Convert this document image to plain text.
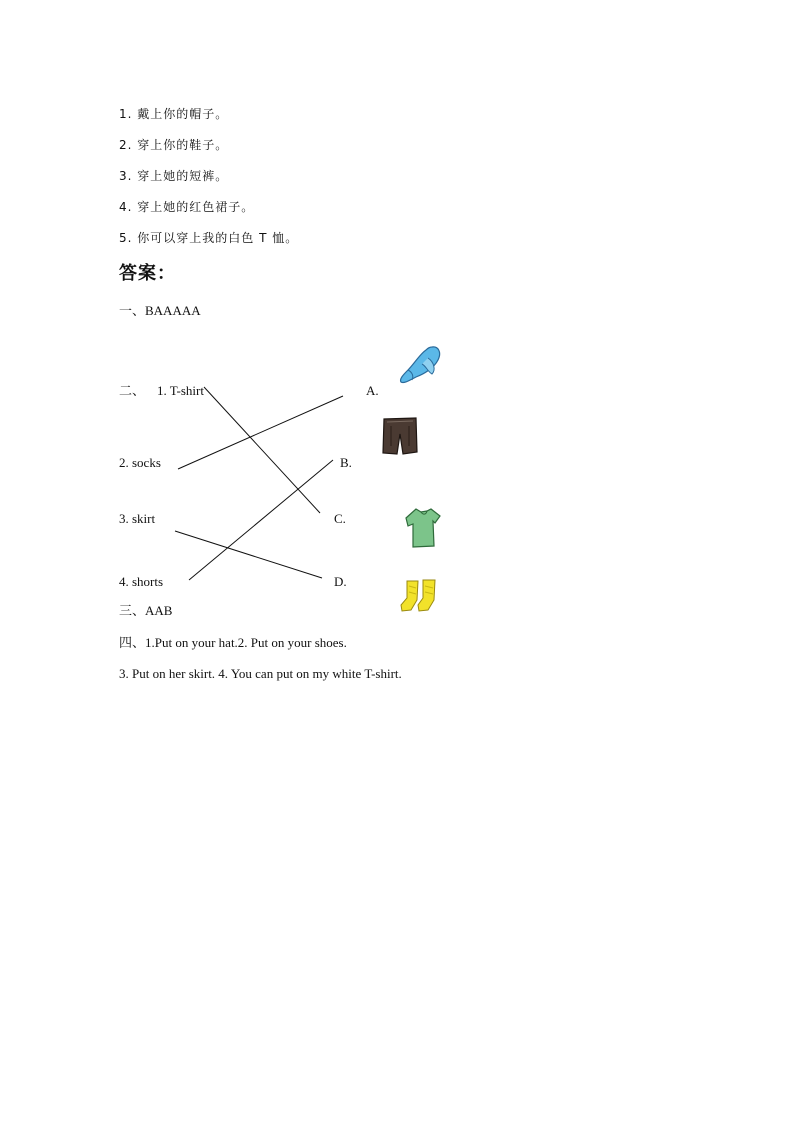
1. 戴上你的帽子。
2. 穿上你的鞋子。
3. 穿上她的短裤。
4. 穿上她的红色裙子。
5. 你可以穿上我的白色 T 恤。
答案：
一、BAAAAA
二、 1. T-shirt
2. socks
3. skirt
4. shorts
A.
B.
C.
D.
三、AAB
四、1.Put on your hat.2. Put on your shoes.
3. Put on her skirt. 4. You can put on my white T-shirt.
